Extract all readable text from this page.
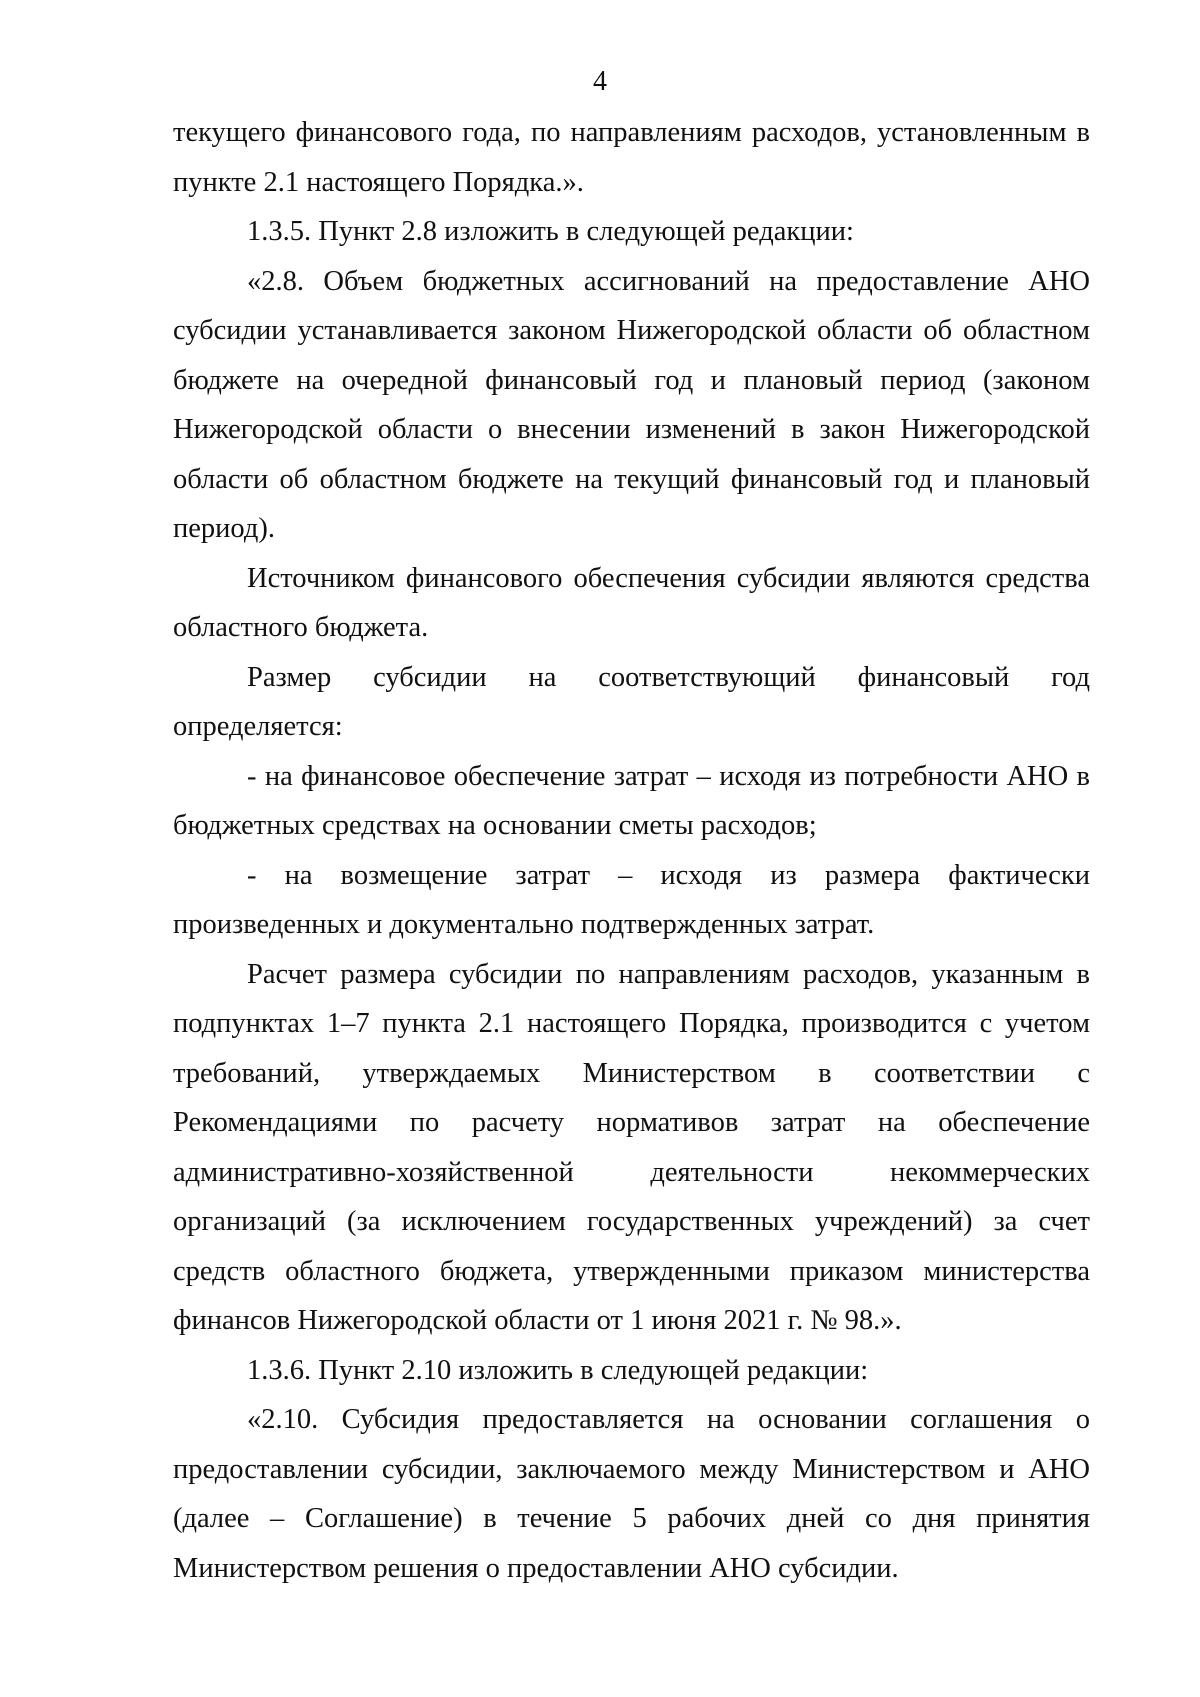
4

текущего финансового года, по направлениям расходов, установленным в пункте 2.1 настоящего Порядка.».

1.3.5. Пункт 2.8 изложить в следующей редакции:

«2.8. Объем бюджетных ассигнований на предоставление АНО субсидии устанавливается законом Нижегородской области об областном бюджете на очередной финансовый год и плановый период (законом Нижегородской области о внесении изменений в закон Нижегородской области об областном бюджете на текущий финансовый год и плановый период).

Источником финансового обеспечения субсидии являются средства областного бюджета.

Размер субсидии на соответствующий финансовый год определяется:

- на финансовое обеспечение затрат – исходя из потребности АНО в бюджетных средствах на основании сметы расходов;

- на возмещение затрат – исходя из размера фактически произведенных и документально подтвержденных затрат.

Расчет размера субсидии по направлениям расходов, указанным в подпунктах 1–7 пункта 2.1 настоящего Порядка, производится с учетом требований, утверждаемых Министерством в соответствии с Рекомендациями по расчету нормативов затрат на обеспечение административно-хозяйственной деятельности некоммерческих организаций (за исключением государственных учреждений) за счет средств областного бюджета, утвержденными приказом министерства финансов Нижегородской области от 1 июня 2021 г. № 98.».

1.3.6. Пункт 2.10 изложить в следующей редакции:

«2.10. Субсидия предоставляется на основании соглашения о предоставлении субсидии, заключаемого между Министерством и АНО (далее – Соглашение) в течение 5 рабочих дней со дня принятия Министерством решения о предоставлении АНО субсидии.
